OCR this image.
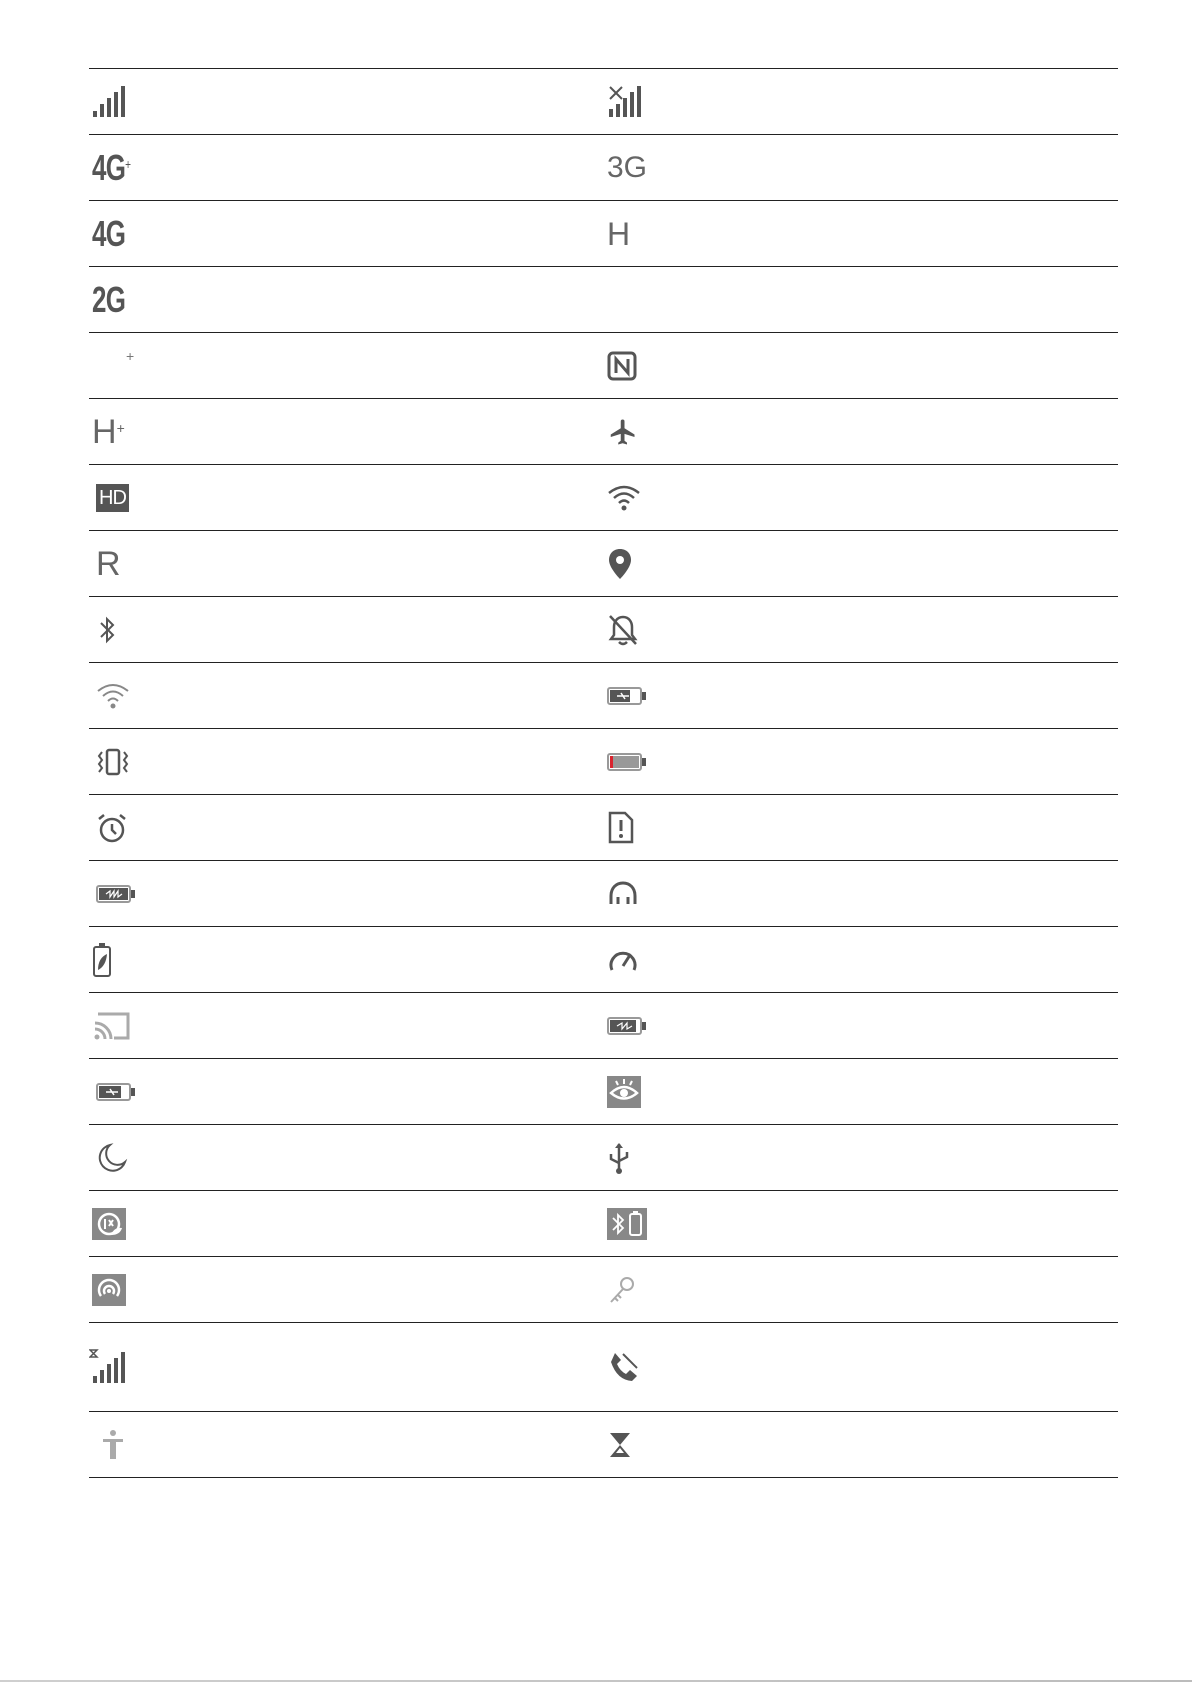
4G+	3G
4G	H
2G
+
H+
HD
R
